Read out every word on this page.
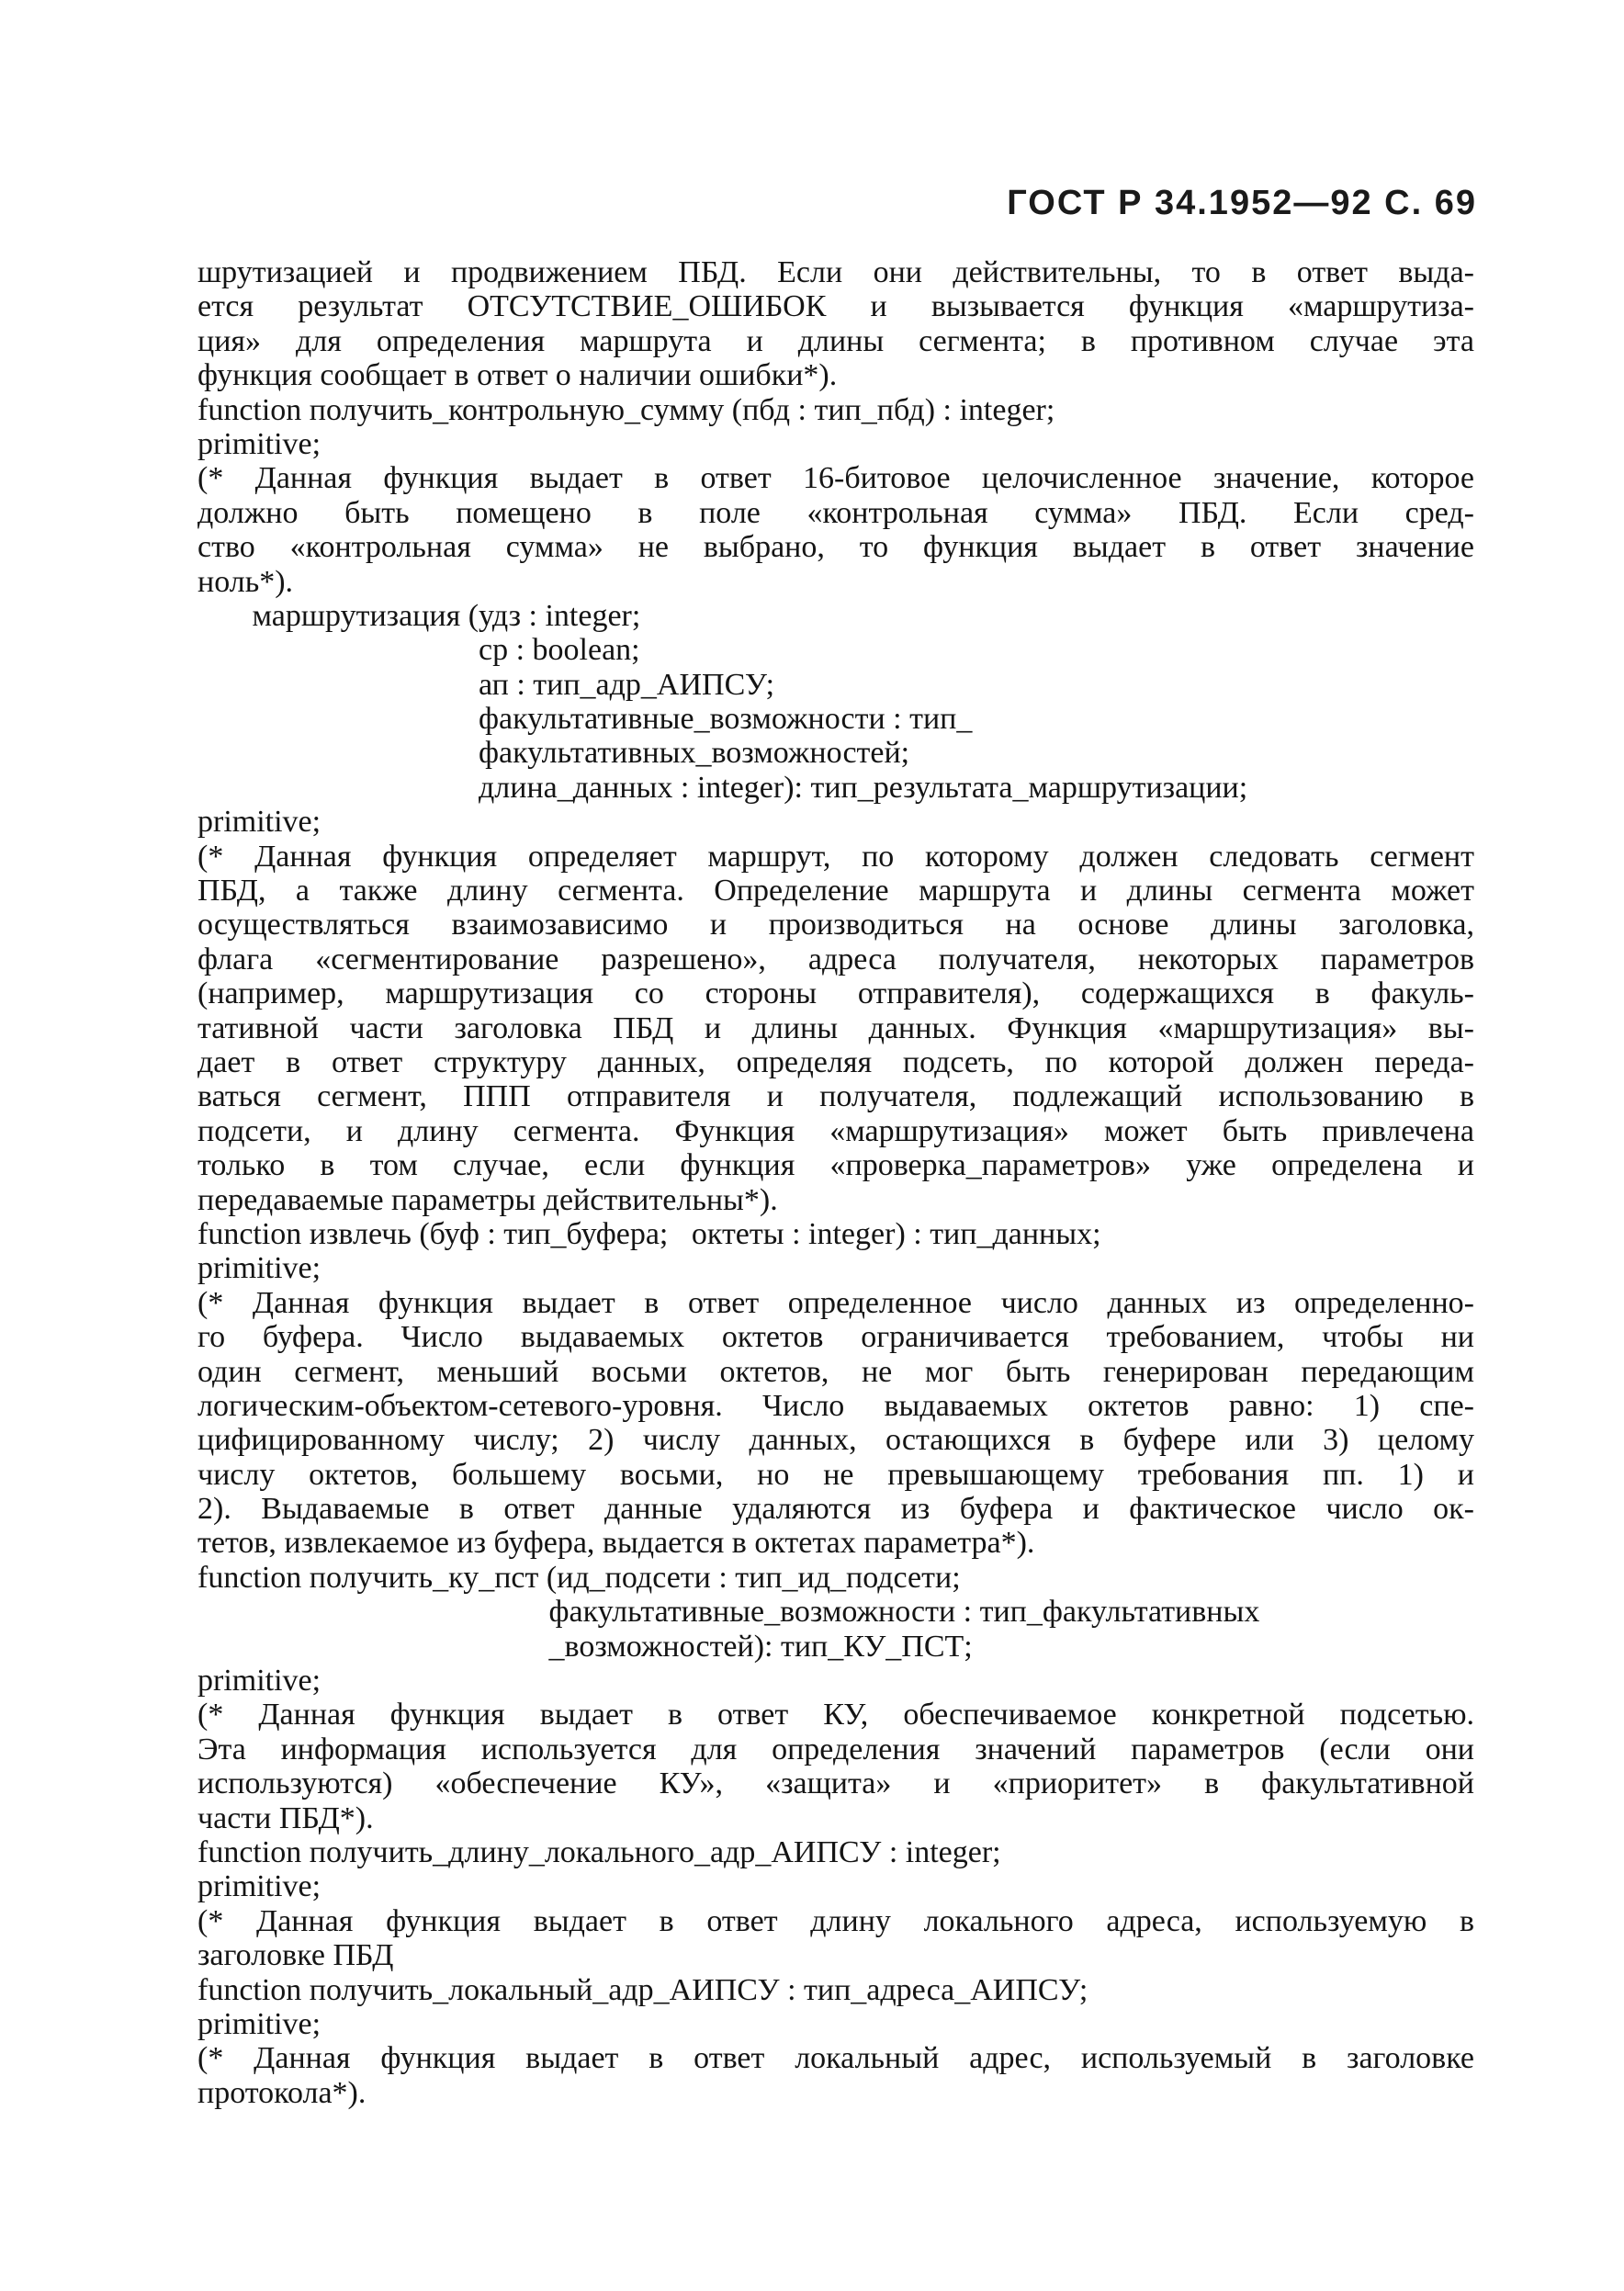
ГОСТ Р 34.1952—92 С. 69
шрутизацией и продвижением ПБД. Если они действительны, то в ответ выда-
ется результат ОТСУТСТВИЕ_ОШИБОК и вызывается функция «маршрутиза-
ция» для определения маршрута и длины сегмента; в противном случае эта
функция сообщает в ответ о наличии ошибки*).
function получить_контрольную_сумму (пбд : тип_пбд) : integer;
primitive;
(* Данная функция выдает в ответ 16-битовое целочисленное значение, которое
должно быть помещено в поле «контрольная сумма» ПБД. Если сред-
ство «контрольная сумма» не выбрано, то функция выдает в ответ значение
ноль*).
маршрутизация (удз : integer;
ср : boolean;
ап : тип_адр_АИПСУ;
факультативные_возможности : тип_
факультативных_возможностей;
длина_данных : integer): тип_результата_маршрутизации;
primitive;
(* Данная функция определяет маршрут, по которому должен следовать сегмент
ПБД, а также длину сегмента. Определение маршрута и длины сегмента может
осуществляться взаимозависимо и производиться на основе длины заголовка,
флага «сегментирование разрешено», адреса получателя, некоторых параметров
(например, маршрутизация со стороны отправителя), содержащихся в факуль-
тативной части заголовка ПБД и длины данных. Функция «маршрутизация» вы-
дает в ответ структуру данных, определяя подсеть, по которой должен переда-
ваться сегмент, ППП отправителя и получателя, подлежащий использованию в
подсети, и длину сегмента. Функция «маршрутизация» может быть привлечена
только в том случае, если функция «проверка_параметров» уже определена и
передаваемые параметры действительны*).
function извлечь (буф : тип_буфера;   октеты : integer) : тип_данных;
primitive;
(* Данная функция выдает в ответ определенное число данных из определенно-
го буфера. Число выдаваемых октетов ограничивается требованием, чтобы ни
один сегмент, меньший восьми октетов, не мог быть генерирован передающим
логическим-объектом-сетевого-уровня. Число выдаваемых октетов равно: 1) спе-
цифицированному числу; 2) числу данных, остающихся в буфере или 3) целому
числу октетов, большему восьми, но не превышающему требования пп. 1) и
2). Выдаваемые в ответ данные удаляются из буфера и фактическое число ок-
тетов, извлекаемое из буфера, выдается в октетах параметра*).
function получить_ку_пст (ид_подсети : тип_ид_подсети;
факультативные_возможности : тип_факультативных
_возможностей): тип_КУ_ПСТ;
primitive;
(* Данная функция выдает в ответ КУ, обеспечиваемое конкретной подсетью.
Эта информация используется для определения значений параметров (если они
используются) «обеспечение КУ», «защита» и «приоритет» в факультативной
части ПБД*).
function получить_длину_локального_адр_АИПСУ : integer;
primitive;
(* Данная функция выдает в ответ длину локального адреса, используемую в
заголовке ПБД
function получить_локальный_адр_АИПСУ : тип_адреса_АИПСУ;
primitive;
(* Данная функция выдает в ответ локальный адрес, используемый в заголовке
протокола*).
